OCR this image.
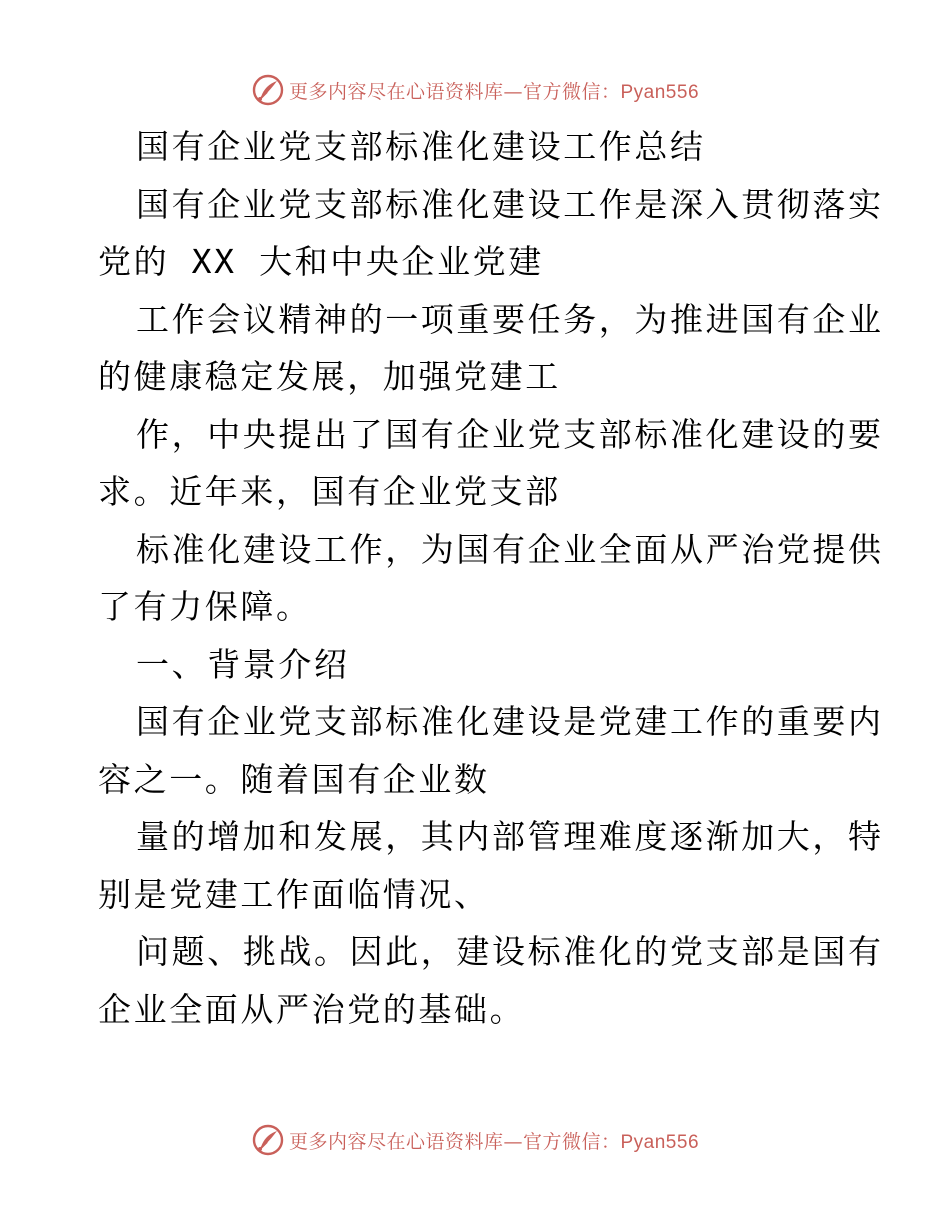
更多内容尽在心语资料库—官方微信：Pyan556
国有企业党支部标准化建设工作总结
国有企业党支部标准化建设工作是深入贯彻落实
党的 XX 大和中央企业党建
工作会议精神的一项重要任务，为推进国有企业
的健康稳定发展，加强党建工
作，中央提出了国有企业党支部标准化建设的要
求。近年来，国有企业党支部
标准化建设工作，为国有企业全面从严治党提供
了有力保障。
一、背景介绍
国有企业党支部标准化建设是党建工作的重要内
容之一。随着国有企业数
量的增加和发展，其内部管理难度逐渐加大，特
别是党建工作面临情况、
问题、挑战。因此，建设标准化的党支部是国有
企业全面从严治党的基础。
更多内容尽在心语资料库—官方微信：Pyan556
